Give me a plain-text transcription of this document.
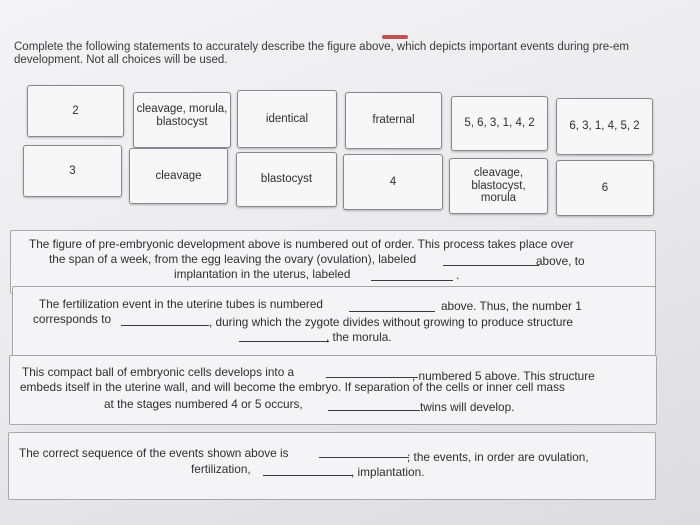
Complete the following statements to accurately describe the figure above, which depicts important events during pre-em
development. Not all choices will be used.
2	cleavage, morula,
blastocyst	identical	fraternal	5, 6, 3, 1, 4, 2	6, 3, 1, 4, 5, 2
3	cleavage	blastocyst	4
cleavage,
blastocyst,
morula
6
The figure of pre-embryonic development above is numbered out of order. This process takes place over
the span of a week, from the egg leaving the ovary (ovulation), labeled	above, to
implantation in the uterus, labeled	.
The fertilization event in the uterine tubes is numbered	above. Thus, the number 1
corresponds to	, during which the zygote divides without growing to produce structure
, the morula.
This compact ball of embryonic cells develops into a	, numbered 5 above. This structure
embeds itself in the uterine wall, and will become the embryo. If separation of the cells or inner cell mass
at the stages numbered 4 or 5 occurs,	twins will develop.
The correct sequence of the events shown above is	; the events, in order are ovulation,
fertilization,	, implantation.
